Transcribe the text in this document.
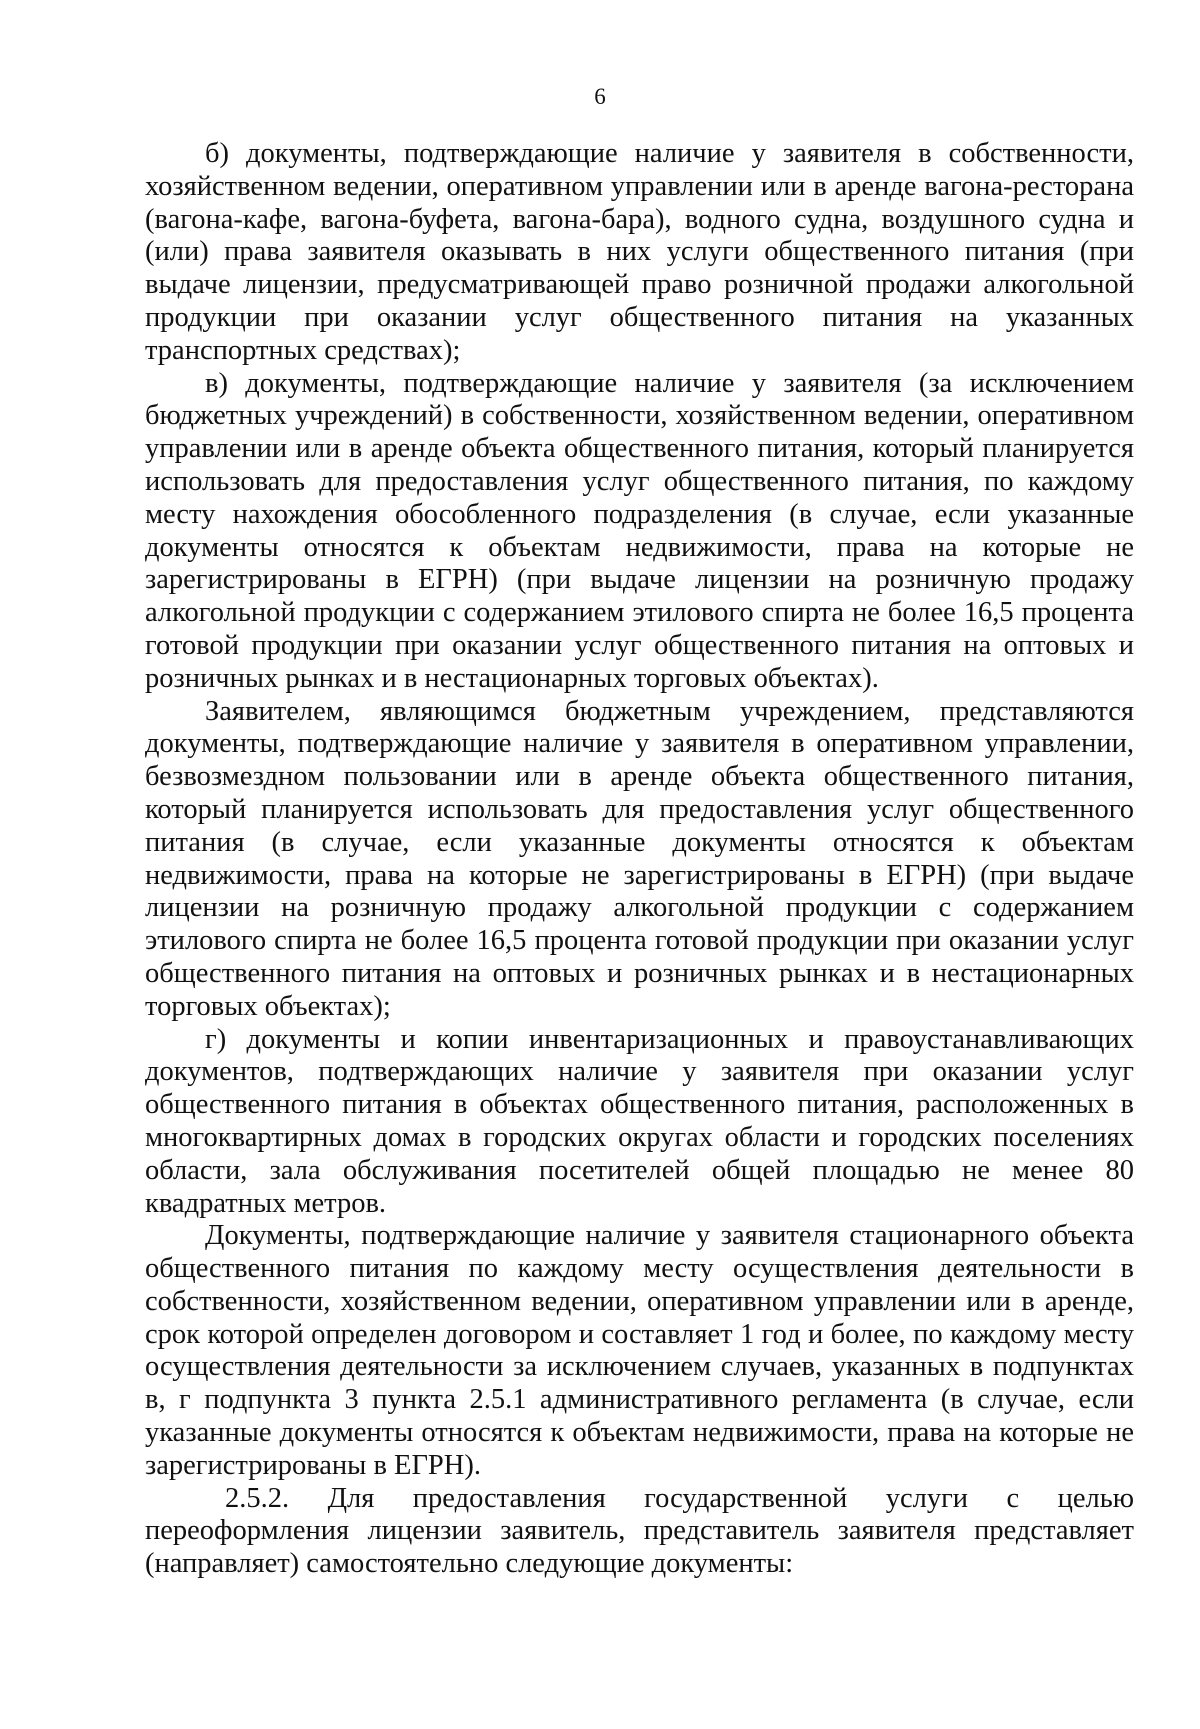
6

б) документы, подтверждающие наличие у заявителя в собственности, хозяйственном ведении, оперативном управлении или в аренде вагона-ресторана (вагона-кафе, вагона-буфета, вагона-бара), водного судна, воздушного судна и (или) права заявителя оказывать в них услуги общественного питания (при выдаче лицензии, предусматривающей право розничной продажи алкогольной продукции при оказании услуг общественного питания на указанных транспортных средствах);

в) документы, подтверждающие наличие у заявителя (за исключением бюджетных учреждений) в собственности, хозяйственном ведении, оперативном управлении или в аренде объекта общественного питания, который планируется использовать для предоставления услуг общественного питания, по каждому месту нахождения обособленного подразделения (в случае, если указанные документы относятся к объектам недвижимости, права на которые не зарегистрированы в ЕГРН) (при выдаче лицензии на розничную продажу алкогольной продукции с содержанием этилового спирта не более 16,5 процента готовой продукции при оказании услуг общественного питания на оптовых и розничных рынках и в нестационарных торговых объектах).

Заявителем, являющимся бюджетным учреждением, представляются документы, подтверждающие наличие у заявителя в оперативном управлении, безвозмездном пользовании или в аренде объекта общественного питания, который планируется использовать для предоставления услуг общественного питания (в случае, если указанные документы относятся к объектам недвижимости, права на которые не зарегистрированы в ЕГРН) (при выдаче лицензии на розничную продажу алкогольной продукции с содержанием этилового спирта не более 16,5 процента готовой продукции при оказании услуг общественного питания на оптовых и розничных рынках и в нестационарных торговых объектах);

г) документы и копии инвентаризационных и правоустанавливающих документов, подтверждающих наличие у заявителя при оказании услуг общественного питания в объектах общественного питания, расположенных в многоквартирных домах в городских округах области и городских поселениях области, зала обслуживания посетителей общей площадью не менее 80 квадратных метров.

Документы, подтверждающие наличие у заявителя стационарного объекта общественного питания по каждому месту осуществления деятельности в собственности, хозяйственном ведении, оперативном управлении или в аренде, срок которой определен договором и составляет 1 год и более, по каждому месту осуществления деятельности за исключением случаев, указанных в подпунктах в, г подпункта 3 пункта 2.5.1 административного регламента (в случае, если указанные документы относятся к объектам недвижимости, права на которые не зарегистрированы в ЕГРН).

2.5.2. Для предоставления государственной услуги с целью переоформления лицензии заявитель, представитель заявителя представляет (направляет) самостоятельно следующие документы:
